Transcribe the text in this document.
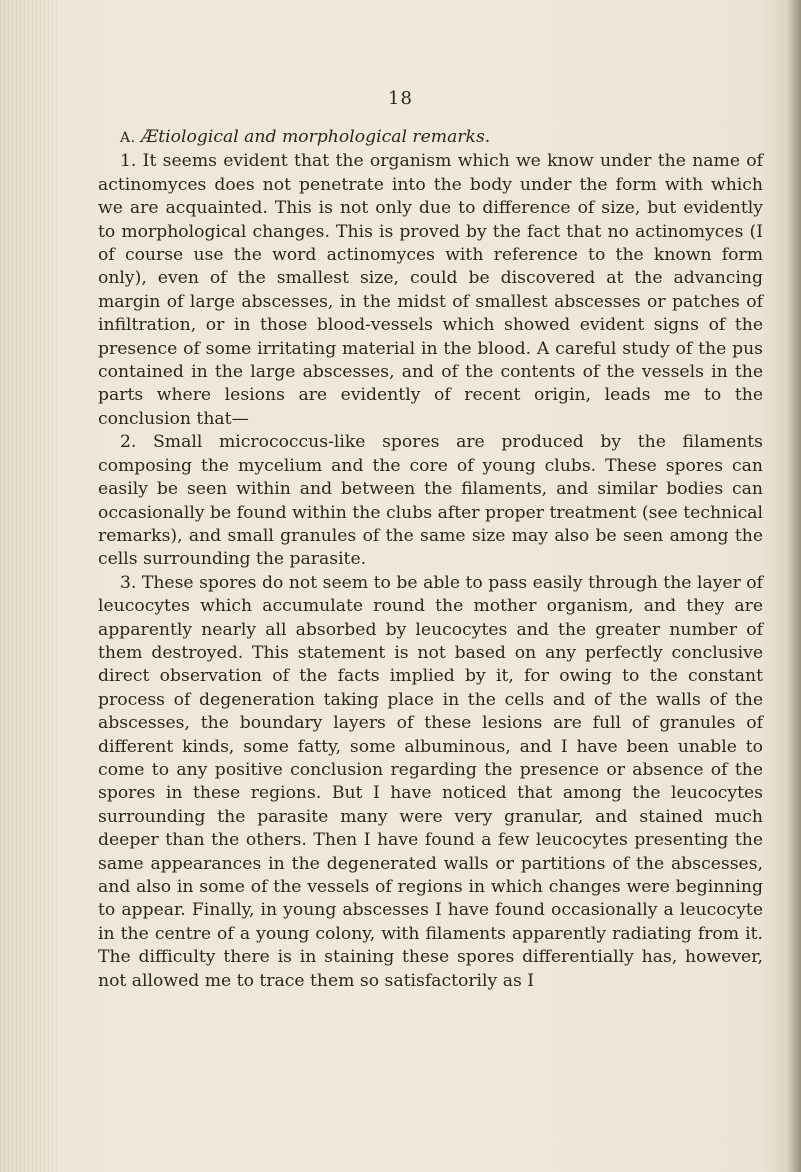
18

A. Ætiological and morphological remarks.

1. It seems evident that the organism which we know under the name of actinomyces does not penetrate into the body under the form with which we are acquainted. This is not only due to difference of size, but evidently to morphological changes. This is proved by the fact that no actinomyces (I of course use the word actinomyces with reference to the known form only), even of the smallest size, could be discovered at the advancing margin of large abscesses, in the midst of smallest abscesses or patches of infiltration, or in those blood-vessels which showed evident signs of the presence of some irritating material in the blood. A careful study of the pus contained in the large abscesses, and of the contents of the vessels in the parts where lesions are evidently of recent origin, leads me to the conclusion that—

2. Small micrococcus-like spores are produced by the filaments composing the mycelium and the core of young clubs. These spores can easily be seen within and between the filaments, and similar bodies can occasionally be found within the clubs after proper treatment (see technical remarks), and small granules of the same size may also be seen among the cells surrounding the parasite.

3. These spores do not seem to be able to pass easily through the layer of leucocytes which accumulate round the mother organism, and they are apparently nearly all absorbed by leucocytes and the greater number of them destroyed. This statement is not based on any perfectly conclusive direct observation of the facts implied by it, for owing to the constant process of degeneration taking place in the cells and of the walls of the abscesses, the boundary layers of these lesions are full of granules of different kinds, some fatty, some albuminous, and I have been unable to come to any positive conclusion regarding the presence or absence of the spores in these regions. But I have noticed that among the leucocytes surrounding the parasite many were very granular, and stained much deeper than the others. Then I have found a few leucocytes presenting the same appearances in the degenerated walls or partitions of the abscesses, and also in some of the vessels of regions in which changes were beginning to appear. Finally, in young abscesses I have found occasionally a leucocyte in the centre of a young colony, with filaments apparently radiating from it. The difficulty there is in staining these spores differentially has, however, not allowed me to trace them so satisfactorily as I
